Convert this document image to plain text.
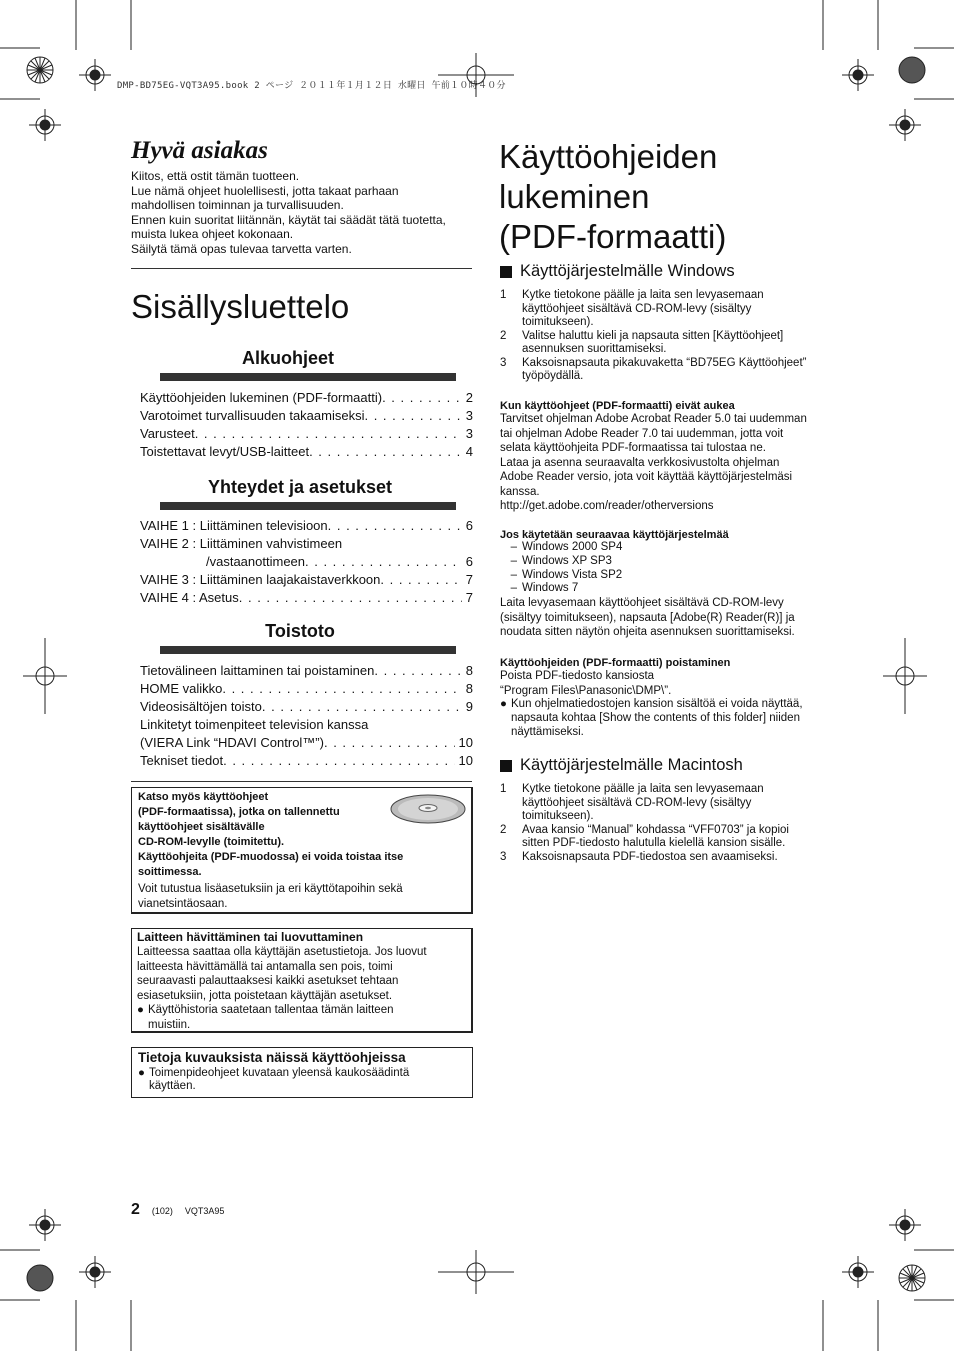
DMP-BD75EG-VQT3A95.book 2 ページ ２０１１年１月１２日 水曜日 午前１０時４０分
Hyvä asiakas
Kiitos, että ostit tämän tuotteen.
Lue nämä ohjeet huolellisesti, jotta takaat parhaan
mahdollisen toiminnan ja turvallisuuden.
Ennen kuin suoritat liitännän, käytät tai säädät tätä tuotetta,
muista lukea ohjeet kokonaan.
Säilytä tämä opas tulevaa tarvetta varten.
Sisällysluettelo
Alkuohjeet
Käyttöohjeiden lukeminen (PDF-formaatti) . . .	2
Varotoimet turvallisuuden takaamiseksi . . .	3
Varusteet . . .	3
Toistettavat levyt/USB-laitteet . . .	4
Yhteydet ja asetukset
VAIHE 1 : Liittäminen televisioon . . .	6
VAIHE 2 : Liittäminen vahvistimeen
/vastaanottimeen . . .	6
VAIHE 3 : Liittäminen laajakaistaverkkoon . . .	7
VAIHE 4 : Asetus . . .	7
Toistoto
Tietovälineen laittaminen tai poistaminen . . .	8
HOME valikko . . .	8
Videosisältöjen toisto . . .	9
Linkitetyt toimenpiteet television kanssa
(VIERA Link “HDAVI Control™”) . . .	10
Tekniset tiedot . . .	10
Katso myös käyttöohjeet
(PDF-formaatissa), jotka on tallennettu
käyttöohjeet sisältävälle
CD-ROM-levylle (toimitettu).
Käyttöohjeita (PDF-muodossa) ei voida toistaa itse
soittimessa.
Voit tutustua lisäasetuksiin ja eri käyttötapoihin sekä
vianetsintäosaan.
Laitteen hävittäminen tai luovuttaminen
Laitteessa saattaa olla käyttäjän asetustietoja. Jos luovut
laitteesta hävittämällä tai antamalla sen pois, toimi
seuraavasti palauttaaksesi kaikki asetukset tehtaan
esiasetuksiin, jotta poistetaan käyttäjän asetukset.
● Käyttöhistoria saatetaan tallentaa tämän laitteen
muistiin.
Tietoja kuvauksista näissä käyttöohjeissa
● Toimenpideohjeet kuvataan yleensä kaukosäädintä
käyttäen.
Käyttöohjeiden
lukeminen
(PDF-formaatti)
Käyttöjärjestelmälle Windows
1	Kytke tietokone päälle ja laita sen levyasemaan
käyttöohjeet sisältävä CD-ROM-levy (sisältyy
toimitukseen).
2	Valitse haluttu kieli ja napsauta sitten [Käyttöohjeet]
asennuksen suorittamiseksi.
3	Kaksoisnapsauta pikakuvaketta “BD75EG Käyttöohjeet”
työpöydällä.
Kun käyttöohjeet (PDF-formaatti) eivät aukea
Tarvitset ohjelman Adobe Acrobat Reader 5.0 tai uudemman
tai ohjelman Adobe Reader 7.0 tai uudemman, jotta voit
selata käyttöohjeita PDF-formaatissa tai tulostaa ne.
Lataa ja asenna seuraavalta verkkosivustolta ohjelman
Adobe Reader versio, jota voit käyttää käyttöjärjestelmäsi
kanssa.
http://get.adobe.com/reader/otherversions
Jos käytetään seuraavaa käyttöjärjestelmää
– Windows 2000 SP4
– Windows XP SP3
– Windows Vista SP2
– Windows 7
Laita levyasemaan käyttöohjeet sisältävä CD-ROM-levy
(sisältyy toimitukseen), napsauta [Adobe(R) Reader(R)] ja
noudata sitten näytön ohjeita asennuksen suorittamiseksi.
Käyttöohjeiden (PDF-formaatti) poistaminen
Poista PDF-tiedosto kansiosta
“Program Files\Panasonic\DMP\”.
● Kun ohjelmatiedostojen kansion sisältöä ei voida näyttää,
napsauta kohtaa [Show the contents of this folder] niiden
näyttämiseksi.
Käyttöjärjestelmälle Macintosh
1	Kytke tietokone päälle ja laita sen levyasemaan
käyttöohjeet sisältävä CD-ROM-levy (sisältyy
toimitukseen).
2	Avaa kansio “Manual” kohdassa “VFF0703” ja kopioi
sitten PDF-tiedosto halutulla kielellä kansion sisälle.
3	Kaksoisnapsauta PDF-tiedostoa sen avaamiseksi.
2 (102) VQT3A95
